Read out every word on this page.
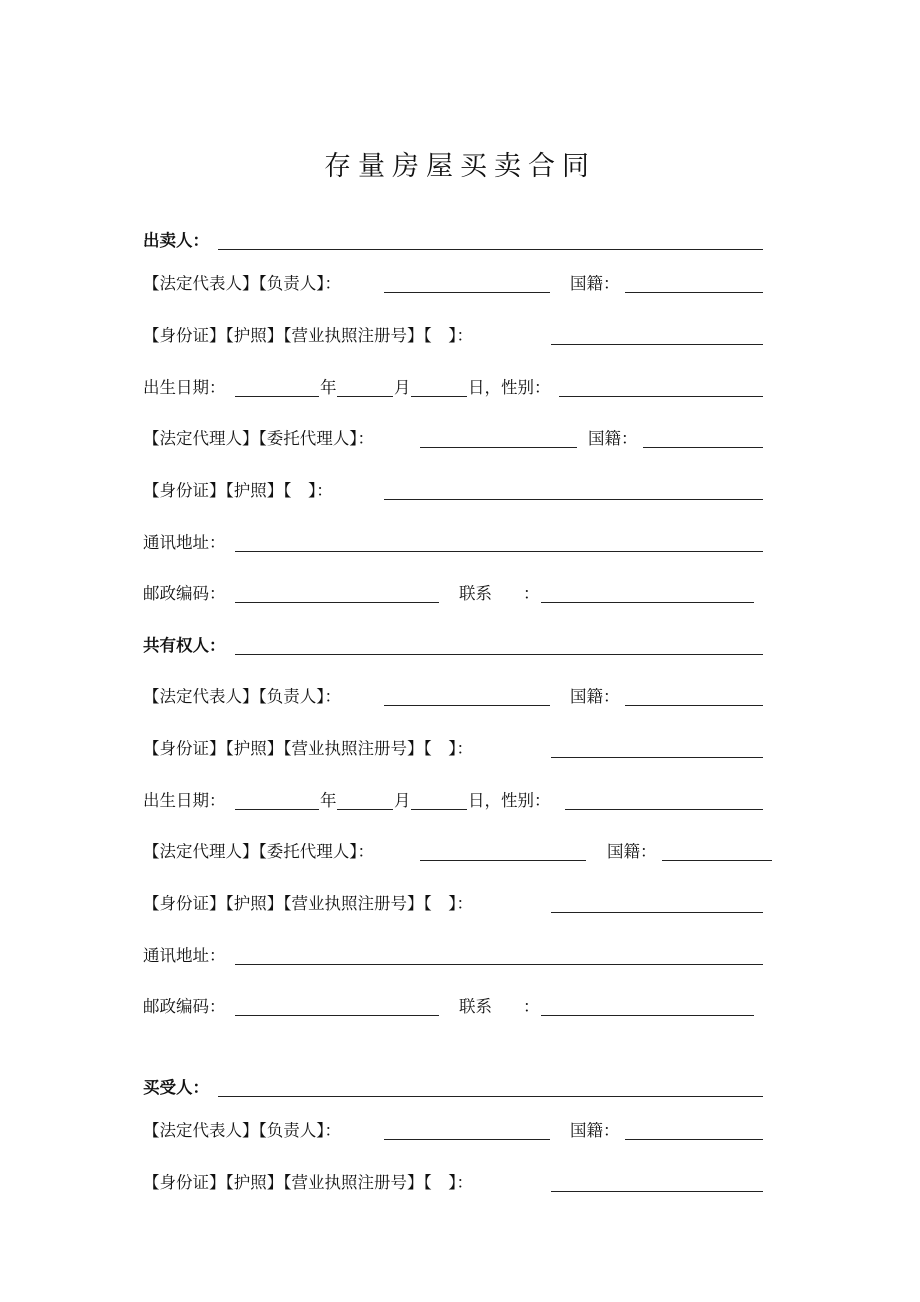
存量房屋买卖合同
出卖人：
【法定代表人】【负责人】：	国籍：
【身份证】【护照】【营业执照注册号】【　】：
出生日期：	年	月	日，性别：
【法定代理人】【委托代理人】：	国籍：
【身份证】【护照】【　】：
通讯地址：
邮政编码：	联系 ：
共有权人：
【法定代表人】【负责人】：	国籍：
【身份证】【护照】【营业执照注册号】【　】：
出生日期：	年	月	日，性别：
【法定代理人】【委托代理人】：	国籍：
【身份证】【护照】【营业执照注册号】【　】：
通讯地址：
邮政编码：	联系 ：
买受人：
【法定代表人】【负责人】：	国籍：
【身份证】【护照】【营业执照注册号】【　】：
